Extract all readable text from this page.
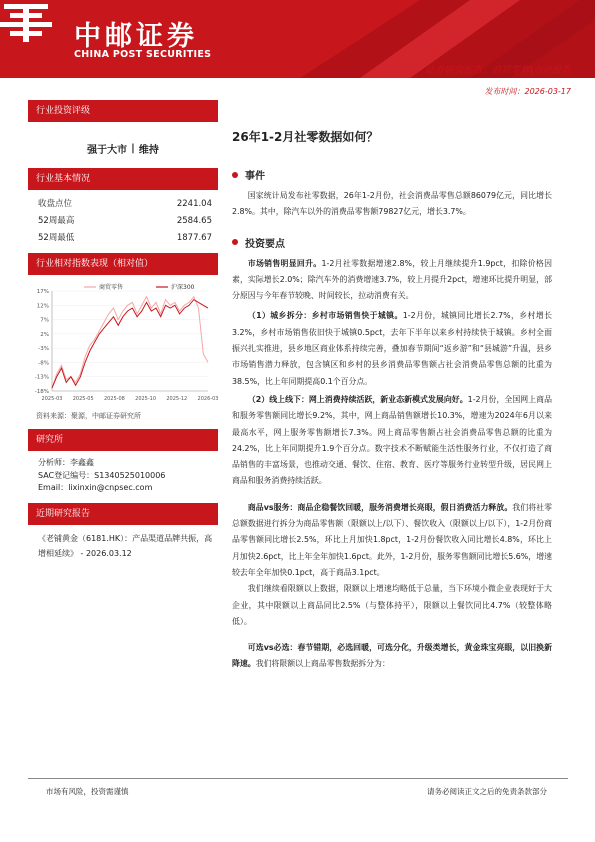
中邮证券
CHINA POST SECURITIES
证券研究报告：商贸零售|点评报告
发布时间：2026-03-17
行业投资评级
强于大市 | 维持
行业基本情况
收盘点位	2241.04
52周最高	2584.65
52周最低	1877.67
行业相对指数表现（相对值）
17%
12%
7%
2%
-3%
-8%
-13%
-18%
2025-03 2025-05 2025-08 2025-10 2025-12 2026-03
商贸零售	沪深300
资料来源：聚源，中邮证券研究所
研究所
分析师：李鑫鑫
SAC登记编号：S1340525010006
Email：lixinxin@cnpsec.com
近期研究报告
《老铺黄金（6181.HK）：产品渠道品牌共振，高增相延续》 - 2026.03.12
26年1-2月社零数据如何？
事件

国家统计局发布社零数据，26年1-2月份，社会消费品零售总额86079亿元，同比增长2.8%。其中，除汽车以外的消费品零售额79827亿元，增长3.7%。

投资要点

市场销售明显回升。1-2月社零数据增速2.8%，较上月继续提升1.9pct，扣除价格因素，实际增长2.0%；除汽车外的消费增速3.7%，较上月提升2pct，增速环比提升明显，部分原因与今年春节较晚、时间较长，拉动消费有关。

（1）城乡拆分：乡村市场销售快于城镇。1-2月份，城镇同比增长2.7%，乡村增长3.2%，乡村市场销售依旧快于城镇0.5pct，去年下半年以来乡村持续快于城镇。乡村全面振兴扎实推进，县乡地区商业体系持续完善，叠加春节期间“返乡游”和“县城游”升温，县乡市场销售潜力释放，包含镇区和乡村的县乡消费品零售额占社会消费品零售总额的比重为38.5%，比上年同期提高0.1个百分点。

（2）线上线下：网上消费持续活跃，新业态新模式发展向好。1-2月份，全国网上商品和服务零售额同比增长9.2%，其中，网上商品销售额增长10.3%，增速为2024年6月以来最高水平，网上服务零售额增长7.3%。网上商品零售额占社会消费品零售总额的比重为24.2%，比上年同期提升1.9个百分点。数字技术不断赋能生活性服务行业，不仅打造了商品销售的丰富场景，也推动交通、餐饮、住宿、教育、医疗等服务行业转型升级，居民网上商品和服务消费持续活跃。

商品vs服务：商品企稳餐饮回暖，服务消费增长亮眼，假日消费活力释放。我们将社零总额数据进行拆分为商品零售额（限额以上/以下）、餐饮收入（限额以上/以下），1-2月份商品零售额同比增长2.5%，环比上月加快1.8pct，1-2月份餐饮收入同比增长4.8%，环比上月加快2.6pct，比上年全年加快1.6pct。此外，1-2月份，服务零售额同比增长5.6%，增速较去年全年加快0.1pct，高于商品3.1pct。

我们继续看限额以上数据，限额以上增速均略低于总量，当下环境小微企业表现好于大企业，其中限额以上商品同比2.5%（与整体持平），限额以上餐饮同比4.7%（较整体略低）。

可选vs必选：春节错期，必选回暖，可选分化，升级类增长，黄金珠宝亮眼，以旧换新降速。我们将限额以上商品零售数据拆分为：

市场有风险，投资需谨慎	请务必阅读正文之后的免责条款部分
